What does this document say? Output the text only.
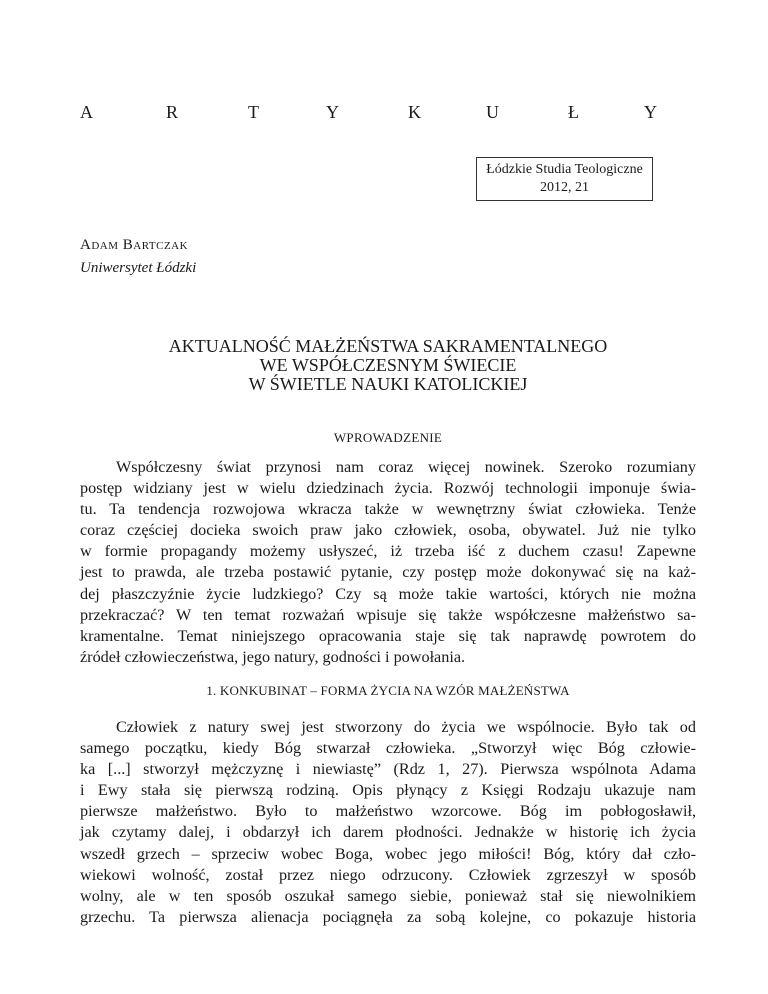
A	R	T	Y	K	U	Ł	Y
Łódzkie Studia Teologiczne
2012, 21
Adam Bartczak
Uniwersytet Łódzki
AKTUALNOŚĆ MAŁŻEŃSTWA SAKRAMENTALNEGO
WE WSPÓŁCZESNYM ŚWIECIE
W ŚWIETLE NAUKI KATOLICKIEJ
WPROWADZENIE
Współczesny świat przynosi nam coraz więcej nowinek. Szeroko rozumiany
postęp widziany jest w wielu dziedzinach życia. Rozwój technologii imponuje świa-
tu. Ta tendencja rozwojowa wkracza także w wewnętrzny świat człowieka. Tenże
coraz częściej docieka swoich praw jako człowiek, osoba, obywatel. Już nie tylko
w formie propagandy możemy usłyszeć, iż trzeba iść z duchem czasu! Zapewne
jest to prawda, ale trzeba postawić pytanie, czy postęp może dokonywać się na każ-
dej płaszczyźnie życie ludzkiego? Czy są może takie wartości, których nie można
przekraczać? W ten temat rozważań wpisuje się także współczesne małżeństwo sa-
kramentalne. Temat niniejszego opracowania staje się tak naprawdę powrotem do
źródeł człowieczeństwa, jego natury, godności i powołania.
1. KONKUBINAT – FORMA ŻYCIA NA WZÓR MAŁŻEŃSTWA
Człowiek z natury swej jest stworzony do życia we wspólnocie. Było tak od
samego początku, kiedy Bóg stwarzał człowieka. „Stworzył więc Bóg człowie-
ka [...] stworzył mężczyznę i niewiastę” (Rdz 1, 27). Pierwsza wspólnota Adama
i Ewy stała się pierwszą rodziną. Opis płynący z Księgi Rodzaju ukazuje nam
pierwsze małżeństwo. Było to małżeństwo wzorcowe. Bóg im pobłogosławił,
jak czytamy dalej, i obdarzył ich darem płodności. Jednakże w historię ich życia
wszedł grzech – sprzeciw wobec Boga, wobec jego miłości! Bóg, który dał czło-
wiekowi wolność, został przez niego odrzucony. Człowiek zgrzeszył w sposób
wolny, ale w ten sposób oszukał samego siebie, ponieważ stał się niewolnikiem
grzechu. Ta pierwsza alienacja pociągnęła za sobą kolejne, co pokazuje historia
